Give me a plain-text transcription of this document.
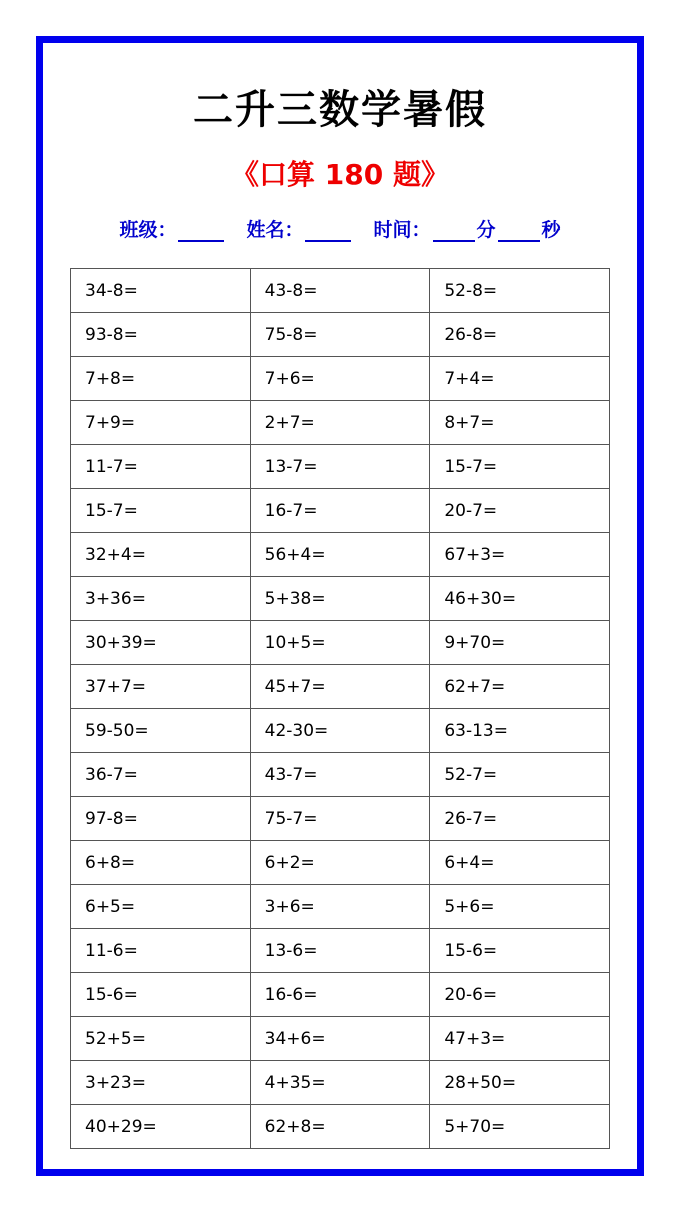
二升三数学暑假
《口算 180 题》
班级：	姓名：	时间： 分 秒
34-8=	43-8=	52-8=
93-8=	75-8=	26-8=
7+8=	7+6=	7+4=
7+9=	2+7=	8+7=
11-7=	13-7=	15-7=
15-7=	16-7=	20-7=
32+4=	56+4=	67+3=
3+36=	5+38=	46+30=
30+39=	10+5=	9+70=
37+7=	45+7=	62+7=
59-50=	42-30=	63-13=
36-7=	43-7=	52-7=
97-8=	75-7=	26-7=
6+8=	6+2=	6+4=
6+5=	3+6=	5+6=
11-6=	13-6=	15-6=
15-6=	16-6=	20-6=
52+5=	34+6=	47+3=
3+23=	4+35=	28+50=
40+29=	62+8=	5+70=
